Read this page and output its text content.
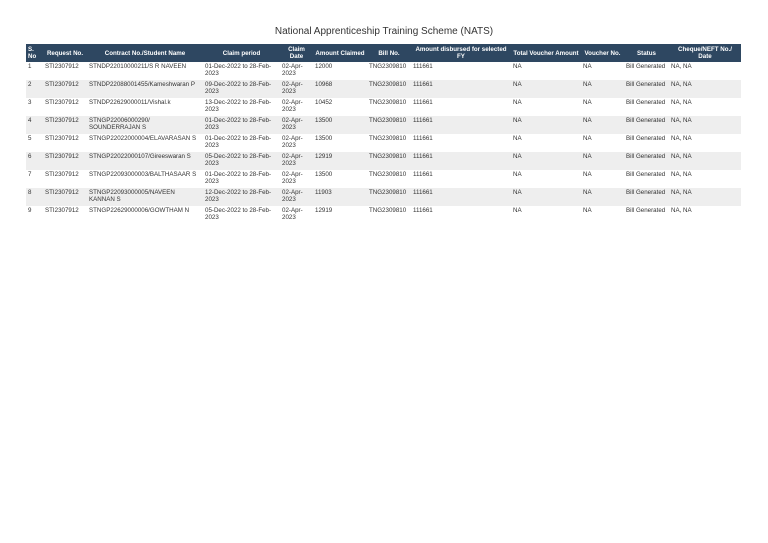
National Apprenticeship Training Scheme (NATS)
S. No	Request No.	Contract No./Student Name	Claim period	Claim Date	Amount Claimed	Bill No.	Amount disbursed for selected FY	Total Voucher Amount	Voucher No.	Status	Cheque/NEFT No./ Date
1	STI2307912	STNDP22010000211/S R NAVEEN	01-Dec-2022 to 28-Feb-2023	02-Apr-2023	12000	TNG2309810	111661	NA	NA	Bill Generated	NA, NA
2	STI2307912	STNDP22088001455/Kameshwaran P	09-Dec-2022 to 28-Feb-2023	02-Apr-2023	10968	TNG2309810	111661	NA	NA	Bill Generated	NA, NA
3	STI2307912	STNDP22629000011/Vishal.k	13-Dec-2022 to 28-Feb-2023	02-Apr-2023	10452	TNG2309810	111661	NA	NA	Bill Generated	NA, NA
4	STI2307912	STNGP22006000290/ SOUNDERRAJAN S	01-Dec-2022 to 28-Feb-2023	02-Apr-2023	13500	TNG2309810	111661	NA	NA	Bill Generated	NA, NA
5	STI2307912	STNGP22022000004/ELAVARASAN S	01-Dec-2022 to 28-Feb-2023	02-Apr-2023	13500	TNG2309810	111661	NA	NA	Bill Generated	NA, NA
6	STI2307912	STNGP22022000107/Gireeswaran S	05-Dec-2022 to 28-Feb-2023	02-Apr-2023	12919	TNG2309810	111661	NA	NA	Bill Generated	NA, NA
7	STI2307912	STNGP22093000003/BALTHASAAR S	01-Dec-2022 to 28-Feb-2023	02-Apr-2023	13500	TNG2309810	111661	NA	NA	Bill Generated	NA, NA
8	STI2307912	STNGP22093000005/NAVEEN KANNAN S	12-Dec-2022 to 28-Feb-2023	02-Apr-2023	11903	TNG2309810	111661	NA	NA	Bill Generated	NA, NA
9	STI2307912	STNGP22629000006/GOWTHAM N	05-Dec-2022 to 28-Feb-2023	02-Apr-2023	12919	TNG2309810	111661	NA	NA	Bill Generated	NA, NA
